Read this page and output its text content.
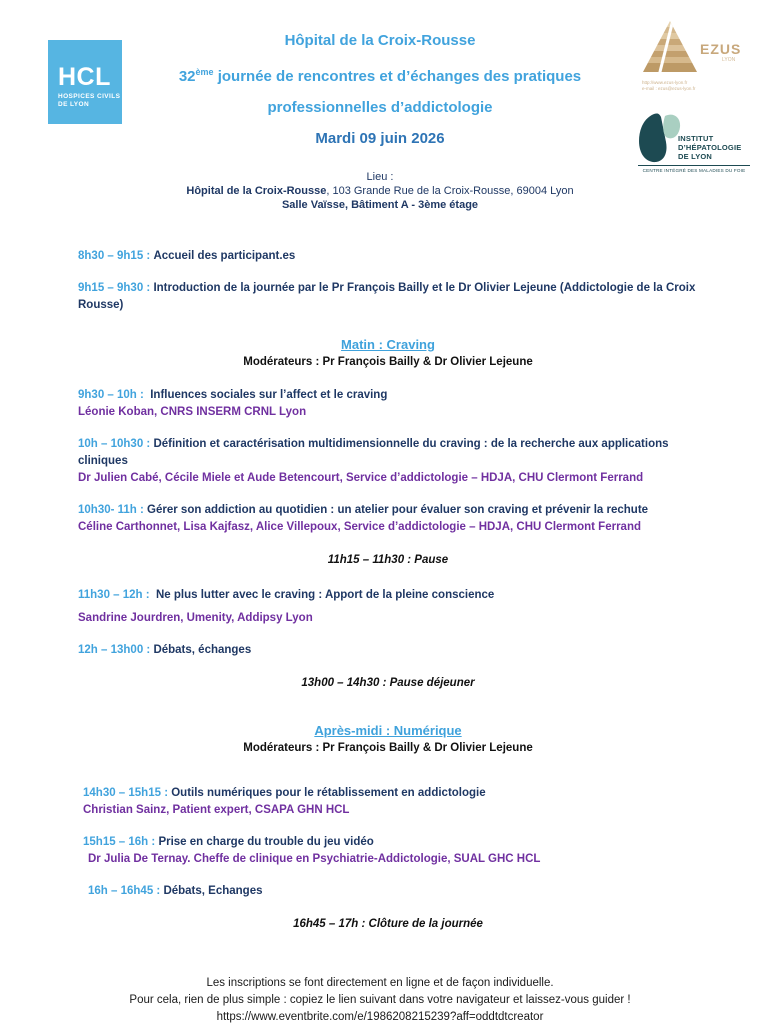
HCL
HOSPICES CIVILS
DE LYON
Hôpital de la Croix-Rousse
32ème journée de rencontres et d’échanges des pratiques
professionnelles d’addictologie
Mardi 09 juin 2026
EZUS
LYON
http://www.ezus-lyon.fr
e-mail : ezus@ezus-lyon.fr
INSTITUT
D’HÉPATOLOGIE
DE LYON
CENTRE INTÉGRÉ DES MALADIES DU FOIE
Lieu :
Hôpital de la Croix-Rousse, 103 Grande Rue de la Croix-Rousse, 69004 Lyon
Salle Vaïsse, Bâtiment A - 3ème étage

8h30 – 9h15 : Accueil des participant.es

9h15 – 9h30 : Introduction de la journée par le Pr François Bailly et le Dr Olivier Lejeune (Addictologie de la Croix Rousse)

Matin : Craving
Modérateurs : Pr François Bailly & Dr Olivier Lejeune

9h30 – 10h : Influences sociales sur l’affect et le craving

Léonie Koban, CNRS INSERM CRNL Lyon

10h – 10h30 : Définition et caractérisation multidimensionnelle du craving : de la recherche aux applications cliniques

Dr Julien Cabé, Cécile Miele et Aude Betencourt, Service d’addictologie – HDJA, CHU Clermont Ferrand

10h30- 11h : Gérer son addiction au quotidien : un atelier pour évaluer son craving et prévenir la rechute

Céline Carthonnet, Lisa Kajfasz, Alice Villepoux, Service d’addictologie – HDJA, CHU Clermont Ferrand

11h15 – 11h30 : Pause

11h30 – 12h : Ne plus lutter avec le craving : Apport de la pleine conscience

Sandrine Jourdren, Umenity, Addipsy Lyon

12h – 13h00 : Débats, échanges

13h00 – 14h30 : Pause déjeuner
Après-midi : Numérique
Modérateurs : Pr François Bailly & Dr Olivier Lejeune

14h30 – 15h15 : Outils numériques pour le rétablissement en addictologie

Christian Sainz, Patient expert, CSAPA GHN HCL

15h15 – 16h : Prise en charge du trouble du jeu vidéo

Dr Julia De Ternay. Cheffe de clinique en Psychiatrie-Addictologie, SUAL GHC HCL

16h – 16h45 : Débats, Echanges

16h45 – 17h : Clôture de la journée
Les inscriptions se font directement en ligne et de façon individuelle.
Pour cela, rien de plus simple : copiez le lien suivant dans votre navigateur et laissez-vous guider !
https://www.eventbrite.com/e/1986208215239?aff=oddtdtcreator
